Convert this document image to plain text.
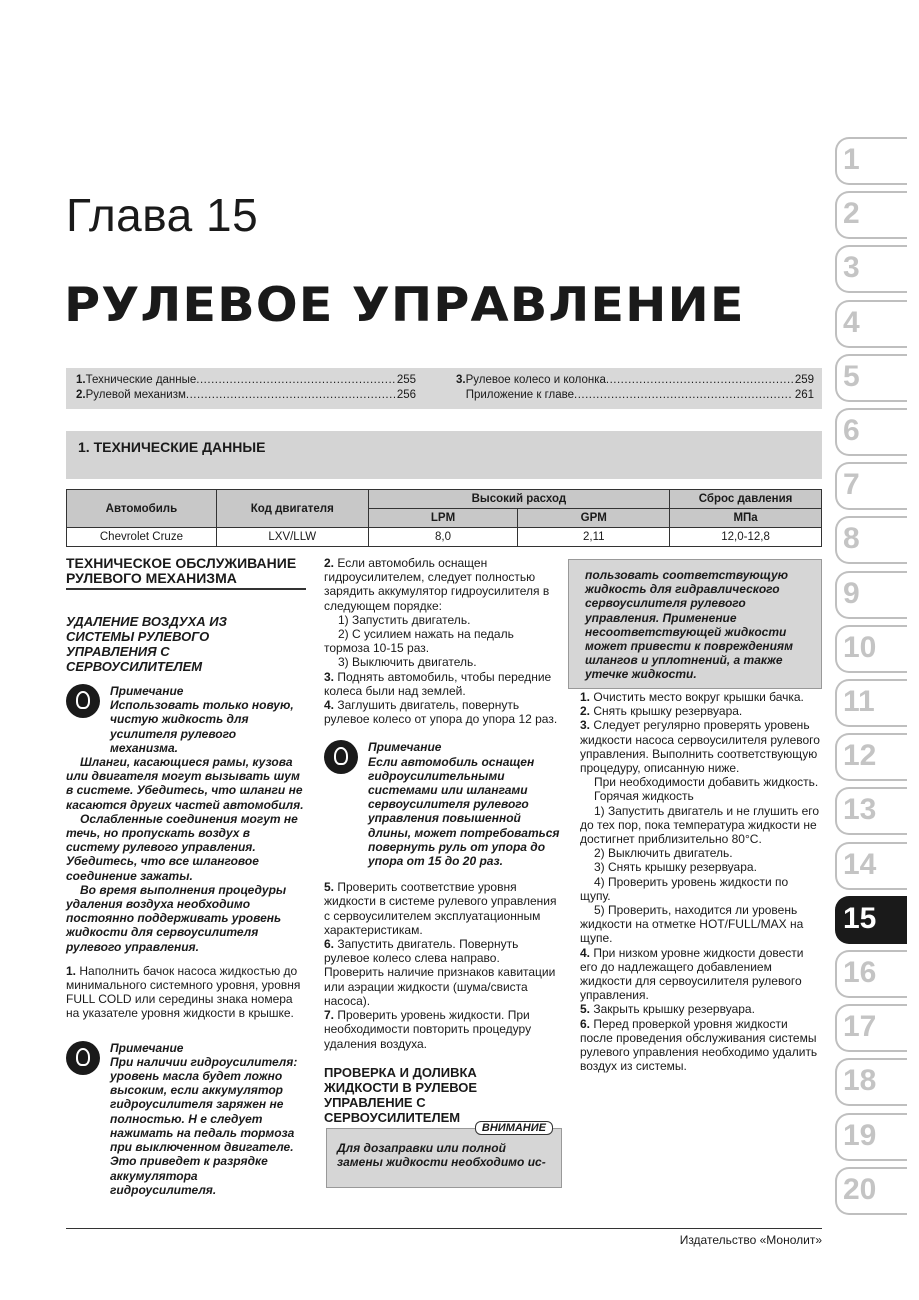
Глава 15
РУЛЕВОЕ УПРАВЛЕНИЕ
1. Технические данные .....	255
2. Рулевой механизм .....	256
3. Рулевое колесо и колонка .....	259
Приложение к главе .....	261
1. ТЕХНИЧЕСКИЕ ДАННЫЕ
Автомобиль	Код двигателя	Высокий расход		Сброс давления
		LPM	GPM	МПа
Chevrolet Cruze	LXV/LLW	8,0	2,11	12,0-12,8

ТЕХНИЧЕСКОЕ ОБСЛУЖИВАНИЕ РУЛЕВОГО МЕХАНИЗМА

УДАЛЕНИЕ ВОЗДУХА ИЗ СИСТЕМЫ РУЛЕВОГО УПРАВЛЕНИЯ С СЕРВОУСИЛИТЕЛЕМ

Примечание

Использовать только новую, чистую жидкость для усилителя рулевого механизма.

Шланги, касающиеся рамы, кузова или двигателя могут вызывать шум в системе. Убедитесь, что шланги не касаются других частей автомобиля.

Ослабленные соединения могут не течь, но пропускать воздух в систему рулевого управления. Убедитесь, что все шланговое соединение зажаты.

Во время выполнения процедуры удаления воздуха необходимо постоянно поддерживать уровень жидкости для сервоусилителя рулевого управления.

1. Наполнить бачок насоса жидкостью до минимального системного уровня, уровня FULL COLD или середины знака номера на указателе уровня жидкости в крышке.

Примечание

При наличии гидроусилителя: уровень масла будет ложно высоким, если аккумулятор гидроусилителя заряжен не полностью. Н е следует нажимать на педаль тормоза при выключенном двигателе. Это приведет к разрядке аккумулятора гидроусилителя.

2. Если автомобиль оснащен гидроусилителем, следует полностью зарядить аккумулятор гидроусилителя в следующем порядке:

1) Запустить двигатель.

2) С усилием нажать на педаль тормоза 10-15 раз.

3) Выключить двигатель.

3. Поднять автомобиль, чтобы передние колеса были над землей.

4. Заглушить двигатель, повернуть рулевое колесо от упора до упора 12 раз.

Примечание

Если автомобиль оснащен гидроусилительными системами или шлангами сервоусилителя рулевого управления повышенной длины, может потребоваться повернуть руль от упора до упора от 15 до 20 раз.

5. Проверить соответствие уровня жидкости в системе рулевого управления с сервоусилителем эксплуатационным характеристикам.

6. Запустить двигатель. Повернуть рулевое колесо слева направо. Проверить наличие признаков кавитации или аэрации жидкости (шума/свиста насоса).

7. Проверить уровень жидкости. При необходимости повторить процедуру удаления воздуха.

ПРОВЕРКА И ДОЛИВКА ЖИДКОСТИ В РУЛЕВОЕ УПРАВЛЕНИЕ С СЕРВОУСИЛИТЕЛЕМ

ВНИМАНИЕ

Для дозаправки или полной замены жидкости необходимо ис-

пользовать соответствующую жидкость для гидравлического сервоусилителя рулевого управления. Применение несоответствующей жидкости может привести к повреждениям шлангов и уплотнений, а также утечке жидкости.

1. Очистить место вокруг крышки бачка.

2. Снять крышку резервуара.

3. Следует регулярно проверять уровень жидкости насоса сервоусилителя рулевого управления. Выполнить соответствующую процедуру, описанную ниже.

При необходимости добавить жидкость.

Горячая жидкость

1) Запустить двигатель и не глушить его до тех пор, пока температура жидкости не достигнет приблизительно 80°С.

2) Выключить двигатель.

3) Снять крышку резервуара.

4) Проверить уровень жидкости по щупу.

5) Проверить, находится ли уровень жидкости на отметке HOT/FULL/MAX на щупе.

4. При низком уровне жидкости довести его до надлежащего добавлением жидкости для сервоусилителя рулевого управления.

5. Закрыть крышку резервуара.

6. Перед проверкой уровня жидкости после проведения обслуживания системы рулевого управления необходимо удалить воздух из системы.

1
2
3
4
5
6
7
8
9
10
11
12
13
14
15
16
17
18
19
20
Издательство «Монолит»
